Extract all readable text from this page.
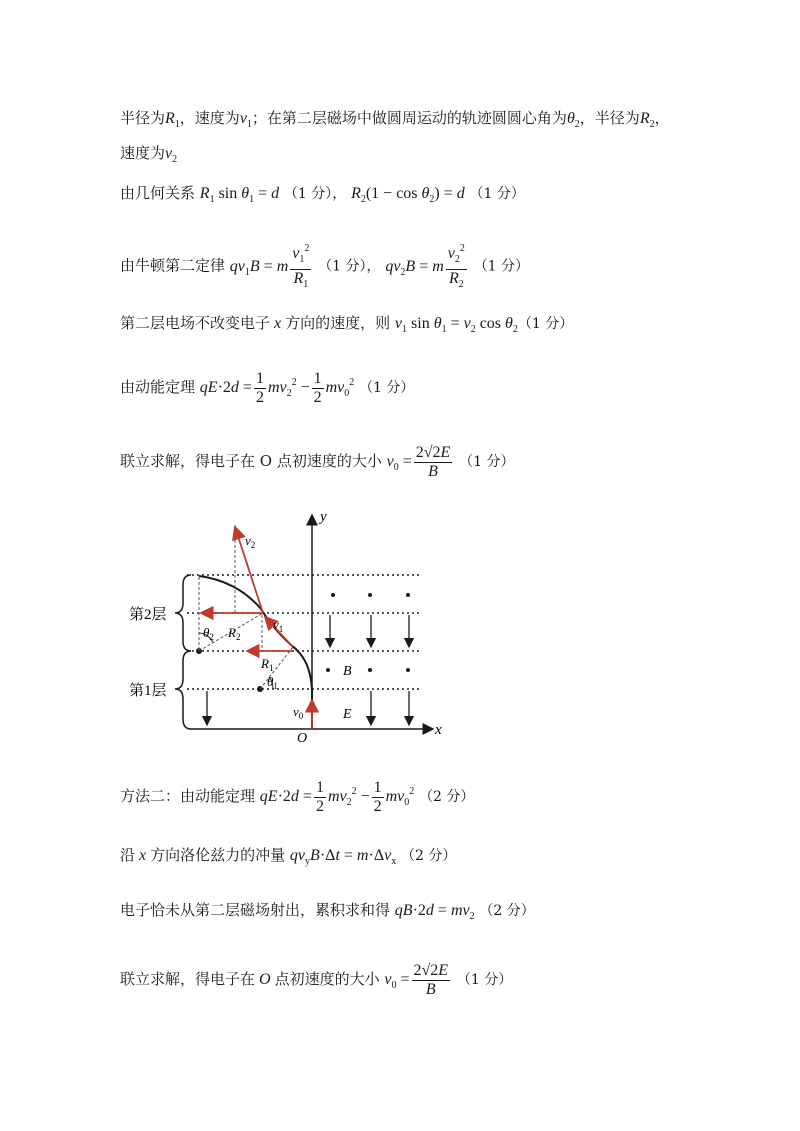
半径为$R_1$，速度为$v_1$；在第二层磁场中做圆周运动的轨迹圆圆心角为$\theta_2$，半径为$R_2$，
速度为$v_2$
由几何关系 $R_1$ $\sin \theta_1 = d$ （1 分）， $R_2(1 - \cos \theta_2) = d$ （1 分）
由牛顿第二定律 $qv_1B = m \frac{v_1^2}{R_1} (1$ 分）， $qv_2B = m \frac{v_2^2}{R_2} (1$ 分）
第二层电场不改变电子 x 方向的速度，则 $v_1$ $\sin \theta_1 = v_2$ $\cos \theta_2(1$ 分）
由动能定理 $qE\cdot 2d = \frac{1}{2} mv_2^2 - \frac{1}{2} mv_0^2$ （1 分）
联立求解，得电子在 O 点初速度的大小 $v_0 = \frac{2√2E}{B} (1$ 分）
x
y
O
B
E
$v_2$
$v_1$
$v_0$
$R_2$
$R_1$
$\theta_2$
$\theta_1$
第2层
第1层
方法二：由动能定理 $qE\cdot 2d = \frac{1}{2} mv_2^2 - \frac{1}{2} mv_0^2$ （2 分）
沿 x 方向洛伦兹力的冲量 $qv_yB\cdot\Delta t = m\cdot\Delta v_x$ （2 分）
电子恰未从第二层磁场射出，累积求和得 $qB\cdot 2d = mv_2$ （2 分）
联立求解，得电子在 O 点初速度的大小 $v_0 = \frac{2√2E}{B} (1$ 分）
